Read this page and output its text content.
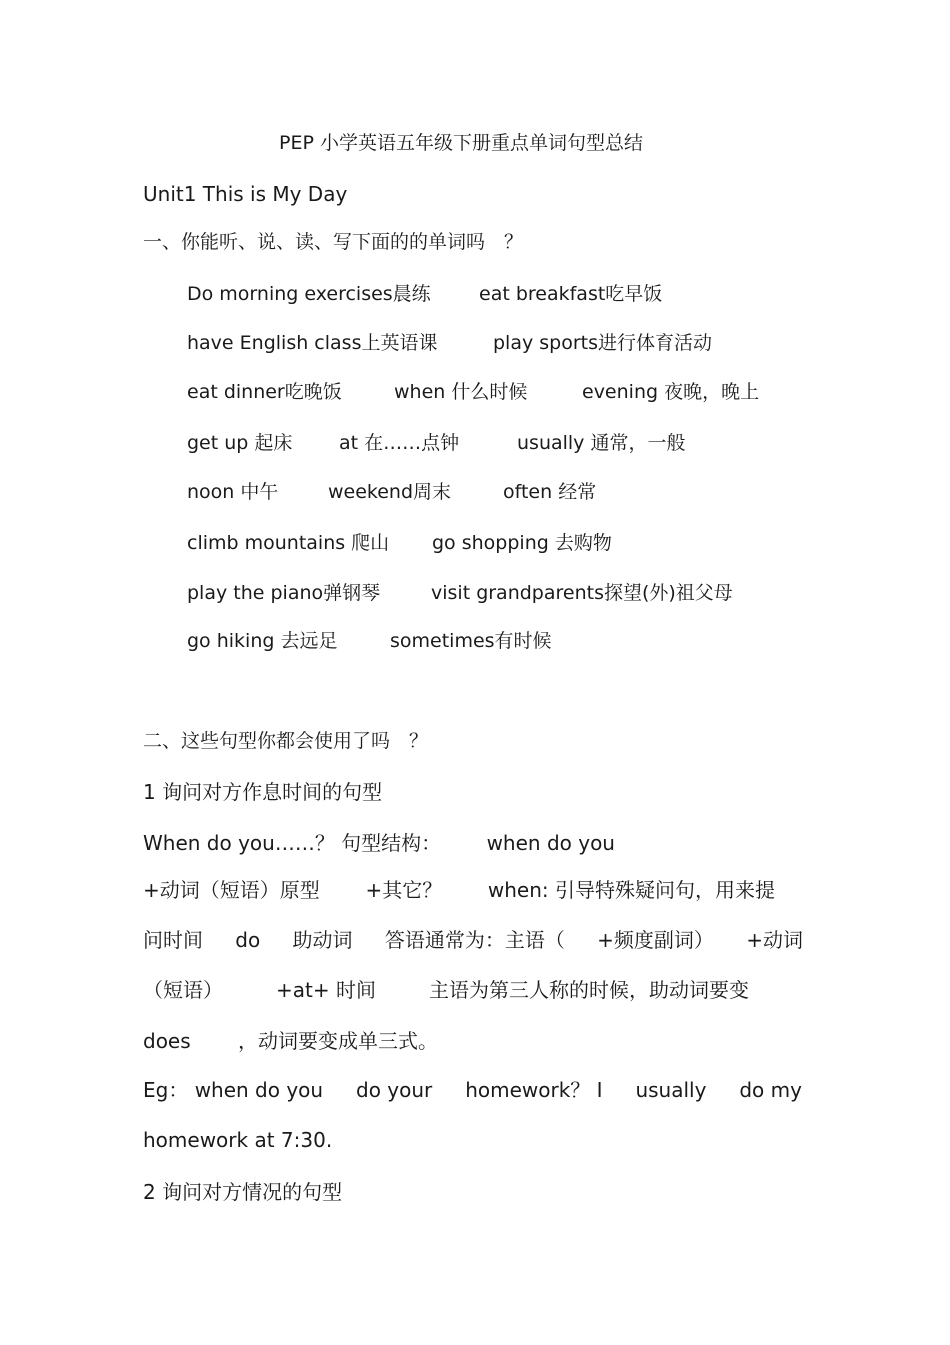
PEP 小学英语五年级下册重点单词句型总结
Unit1 This is My Day
一、你能听、说、读、写下面的的单词吗　？
Do morning exercises晨练	eat breakfast吃早饭
have English class上英语课	play sports进行体育活动
eat dinner吃晚饭	when 什么时候	evening 夜晚，晚上
get up 起床 at 在……点钟	usually 通常，一般
noon 中午	weekend周末	often 经常
climb mountains 爬山 go shopping 去购物
play the piano弹钢琴	visit grandparents探望(外)祖父母
go hiking 去远足	sometimes有时候
二、这些句型你都会使用了吗　？
1 询问对方作息时间的句型
When do you……？ 句型结构： when do you
+动词（短语）原型 +其它？ when: 引导特殊疑问句，用来提
问时间 do 助动词 答语通常为：主语（ +频度副词） +动词
（短语）	+at+ 时间	主语为第三人称的时候，助动词要变
does ，动词要变成单三式。
Eg： when do you do your homework？ I usually do my
homework at 7:30.
2 询问对方情况的句型
